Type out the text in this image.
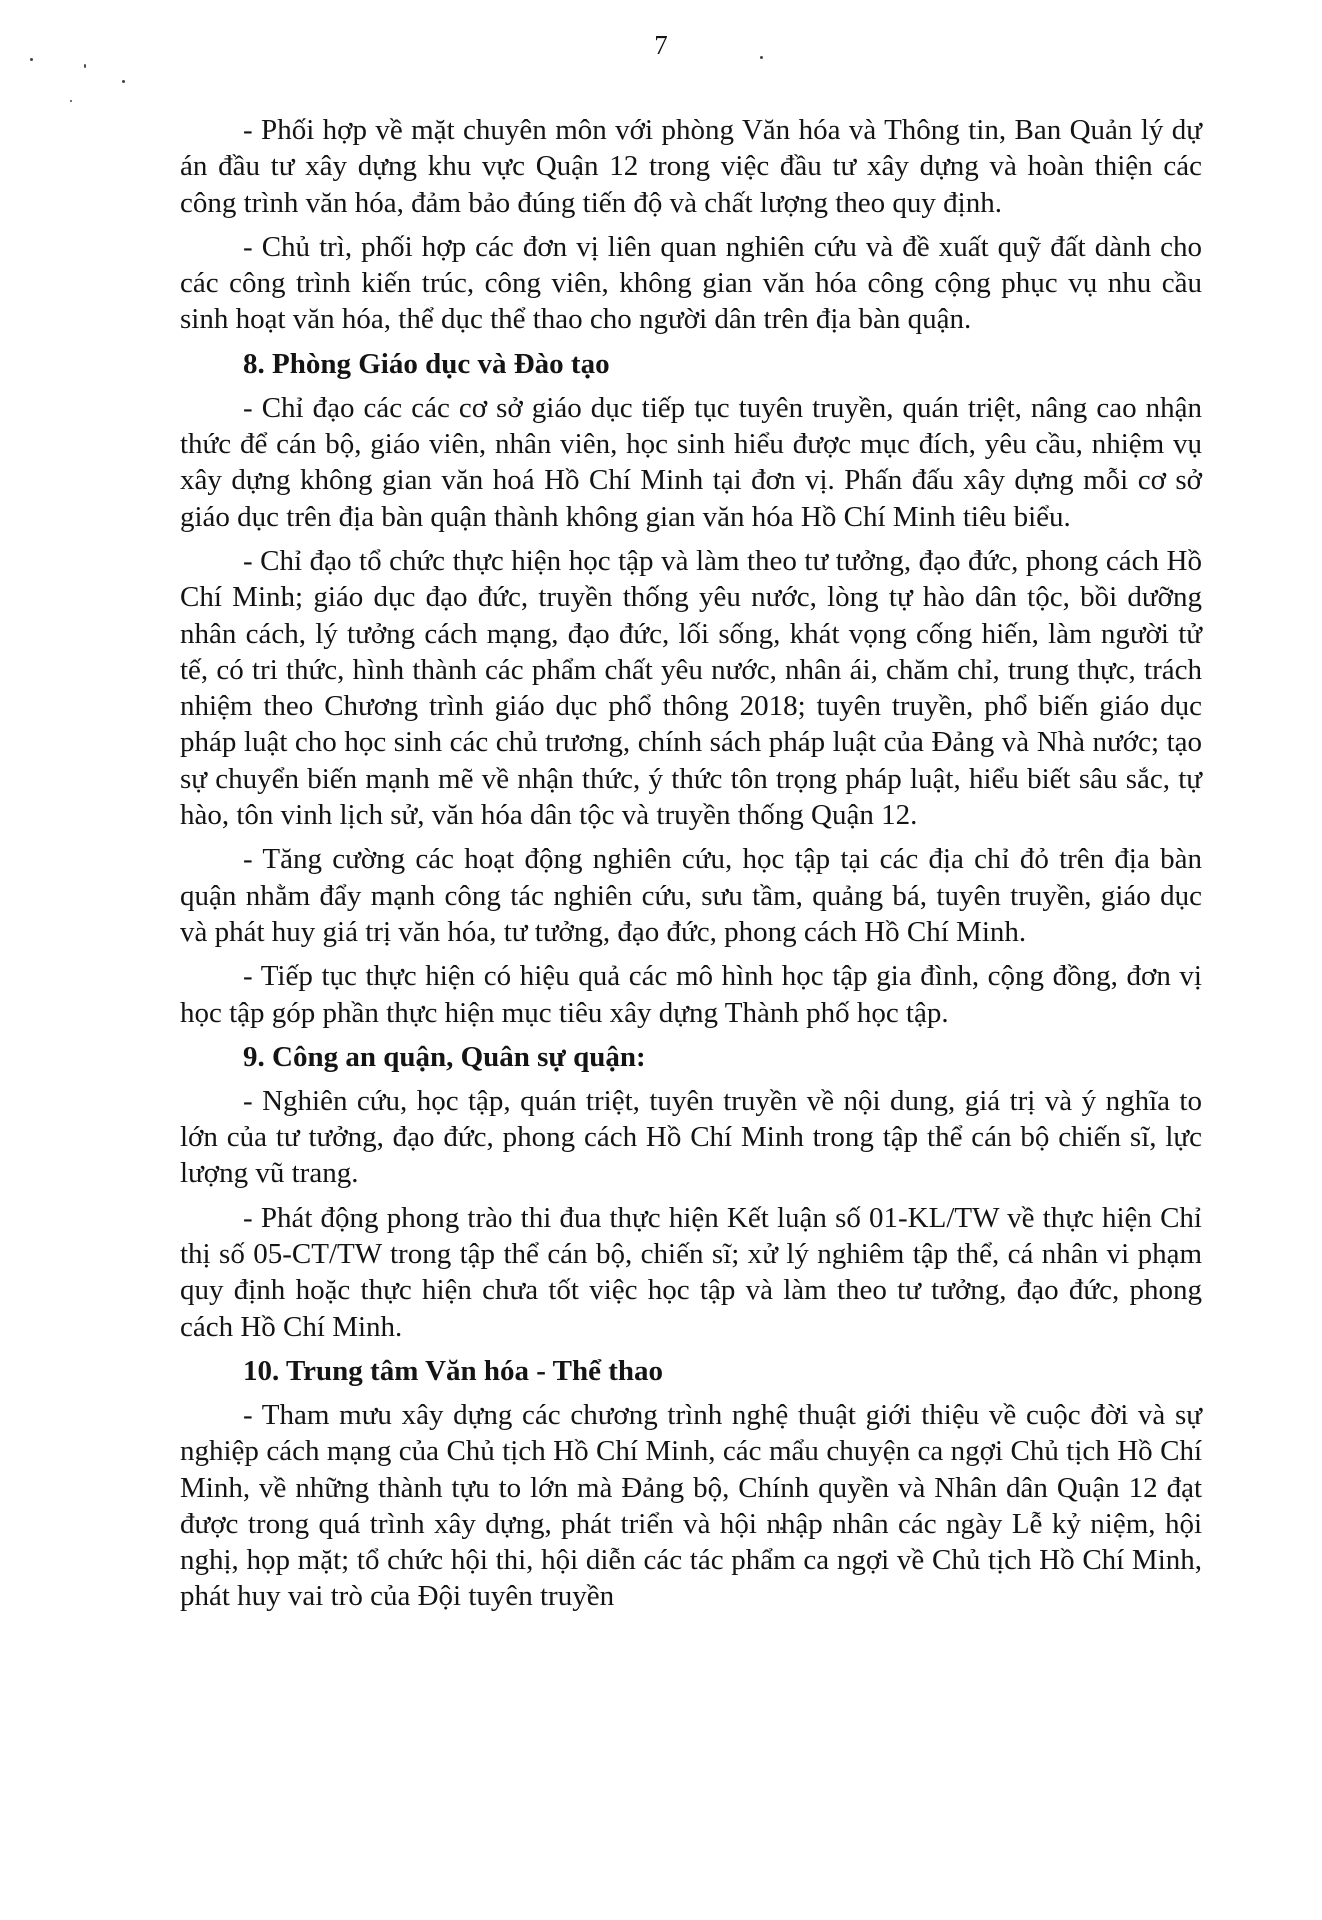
7

- Phối hợp về mặt chuyên môn với phòng Văn hóa và Thông tin, Ban Quản lý dự án đầu tư xây dựng khu vực Quận 12 trong việc đầu tư xây dựng và hoàn thiện các công trình văn hóa, đảm bảo đúng tiến độ và chất lượng theo quy định.

- Chủ trì, phối hợp các đơn vị liên quan nghiên cứu và đề xuất quỹ đất dành cho các công trình kiến trúc, công viên, không gian văn hóa công cộng phục vụ nhu cầu sinh hoạt văn hóa, thể dục thể thao cho người dân trên địa bàn quận.

8. Phòng Giáo dục và Đào tạo

- Chỉ đạo các các cơ sở giáo dục tiếp tục tuyên truyền, quán triệt, nâng cao nhận thức để cán bộ, giáo viên, nhân viên, học sinh hiểu được mục đích, yêu cầu, nhiệm vụ xây dựng không gian văn hoá Hồ Chí Minh tại đơn vị. Phấn đấu xây dựng mỗi cơ sở giáo dục trên địa bàn quận thành không gian văn hóa Hồ Chí Minh tiêu biểu.

- Chỉ đạo tổ chức thực hiện học tập và làm theo tư tưởng, đạo đức, phong cách Hồ Chí Minh; giáo dục đạo đức, truyền thống yêu nước, lòng tự hào dân tộc, bồi dưỡng nhân cách, lý tưởng cách mạng, đạo đức, lối sống, khát vọng cống hiến, làm người tử tế, có tri thức, hình thành các phẩm chất yêu nước, nhân ái, chăm chỉ, trung thực, trách nhiệm theo Chương trình giáo dục phổ thông 2018; tuyên truyền, phổ biến giáo dục pháp luật cho học sinh các chủ trương, chính sách pháp luật của Đảng và Nhà nước; tạo sự chuyển biến mạnh mẽ về nhận thức, ý thức tôn trọng pháp luật, hiểu biết sâu sắc, tự hào, tôn vinh lịch sử, văn hóa dân tộc và truyền thống Quận 12.

- Tăng cường các hoạt động nghiên cứu, học tập tại các địa chỉ đỏ trên địa bàn quận nhằm đẩy mạnh công tác nghiên cứu, sưu tầm, quảng bá, tuyên truyền, giáo dục và phát huy giá trị văn hóa, tư tưởng, đạo đức, phong cách Hồ Chí Minh.

- Tiếp tục thực hiện có hiệu quả các mô hình học tập gia đình, cộng đồng, đơn vị học tập góp phần thực hiện mục tiêu xây dựng Thành phố học tập.

9. Công an quận, Quân sự quận:

- Nghiên cứu, học tập, quán triệt, tuyên truyền về nội dung, giá trị và ý nghĩa to lớn của tư tưởng, đạo đức, phong cách Hồ Chí Minh trong tập thể cán bộ chiến sĩ, lực lượng vũ trang.

- Phát động phong trào thi đua thực hiện Kết luận số 01-KL/TW về thực hiện Chỉ thị số 05-CT/TW trong tập thể cán bộ, chiến sĩ; xử lý nghiêm tập thể, cá nhân vi phạm quy định hoặc thực hiện chưa tốt việc học tập và làm theo tư tưởng, đạo đức, phong cách Hồ Chí Minh.

10. Trung tâm Văn hóa - Thể thao

- Tham mưu xây dựng các chương trình nghệ thuật giới thiệu về cuộc đời và sự nghiệp cách mạng của Chủ tịch Hồ Chí Minh, các mẩu chuyện ca ngợi Chủ tịch Hồ Chí Minh, về những thành tựu to lớn mà Đảng bộ, Chính quyền và Nhân dân Quận 12 đạt được trong quá trình xây dựng, phát triển và hội nhập nhân các ngày Lễ kỷ niệm, hội nghị, họp mặt; tổ chức hội thi, hội diễn các tác phẩm ca ngợi về Chủ tịch Hồ Chí Minh, phát huy vai trò của Đội tuyên truyền
